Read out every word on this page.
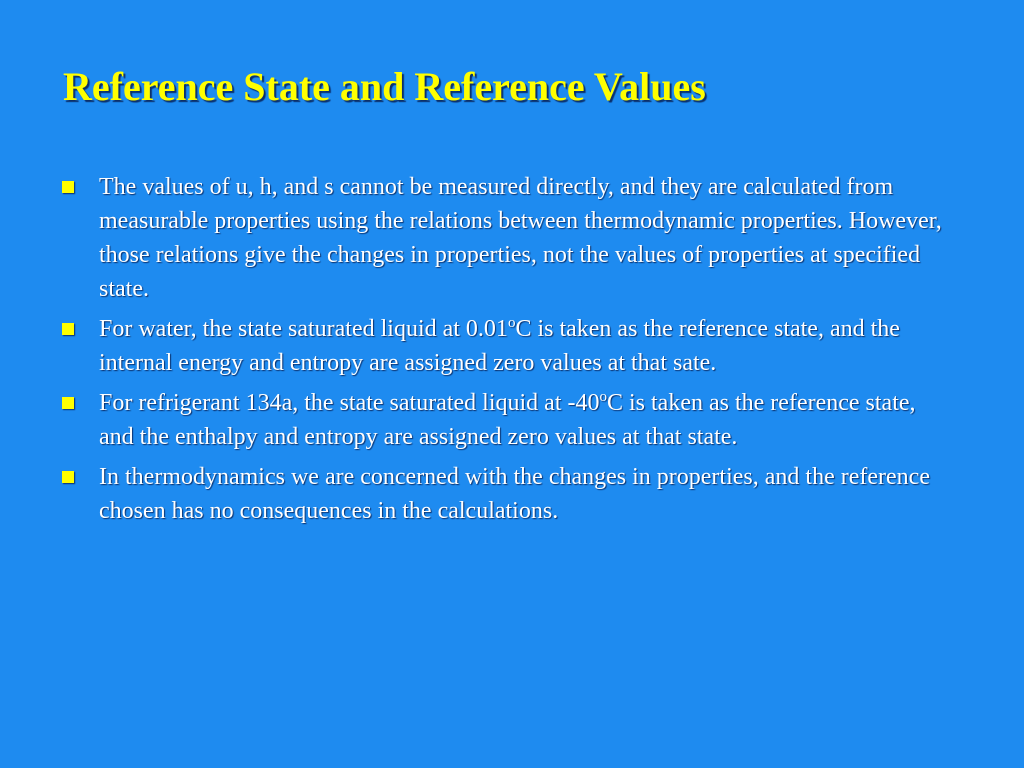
Reference State and Reference Values
The values of u, h, and s cannot be measured directly, and they are calculated from measurable properties using the relations between thermodynamic properties. However, those relations give the changes in properties, not the values of properties at specified state.
For water, the state saturated liquid at 0.01$^o$C is taken as the reference state, and the internal energy and entropy are assigned zero values at that sate.
For refrigerant 134a, the state saturated liquid at -40$^o$C is taken as the reference state, and the enthalpy and entropy are assigned zero values at that state.
In thermodynamics we are concerned with the changes in properties, and the reference chosen has no consequences in the calculations.
